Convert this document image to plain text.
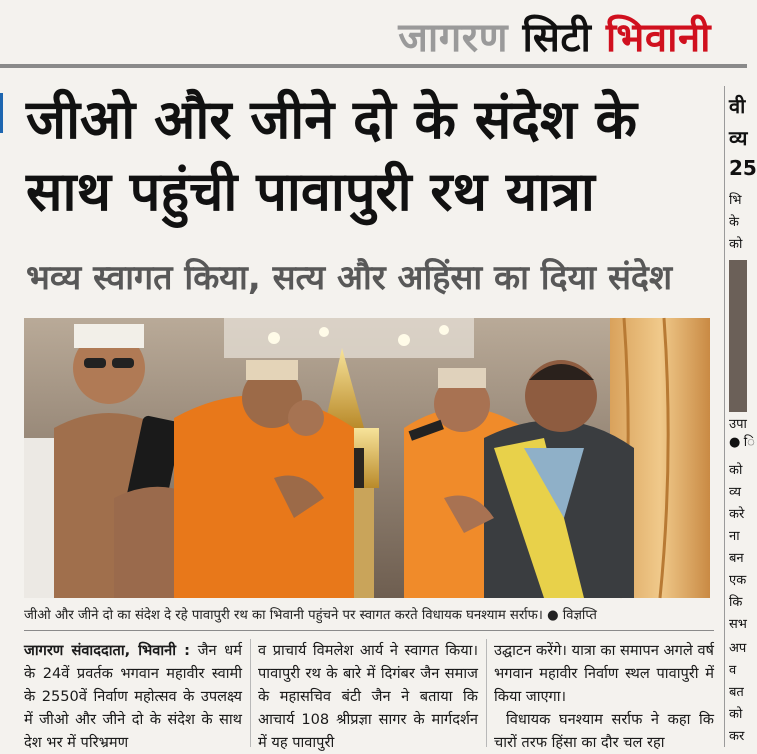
जागरण सिटी भिवानी
जीओ और जीने दो के संदेश के साथ पहुंची पावापुरी रथ यात्रा
भव्य स्वागत किया, सत्य और अहिंसा का दिया संदेश
जीओ और जीने दो का संदेश दे रहे पावापुरी रथ का भिवानी पहुंचने पर स्वागत करते विधायक घनश्याम सर्राफ। ● विज्ञप्ति
जागरण संवाददाता, भिवानी : जैन धर्म के 24वें प्रवर्तक भगवान महावीर स्वामी के 2550वें निर्वाण महोत्सव के उपलक्ष्य में जीओ और जीने दो के संदेश के साथ देश भर में परिभ्रमण
व प्राचार्य विमलेश आर्य ने स्वागत किया। पावापुरी रथ के बारे में दिगंबर जैन समाज के महासचिव बंटी जैन ने बताया कि आचार्य 108 श्रीप्रज्ञा सागर के मार्गदर्शन में यह पावापुरी
उद्घाटन करेंगे। यात्रा का समापन अगले वर्ष भगवान महावीर निर्वाण स्थल पावापुरी में किया जाएगा।
विधायक घनश्याम सर्राफ ने कहा कि चारों तरफ हिंसा का दौर चल रहा
वी
व्य
25
भि
के
को
उपा
● ि
को
व्य
करे
ना
बन
एक
कि
सभ
अप
व
बत
को
कर
